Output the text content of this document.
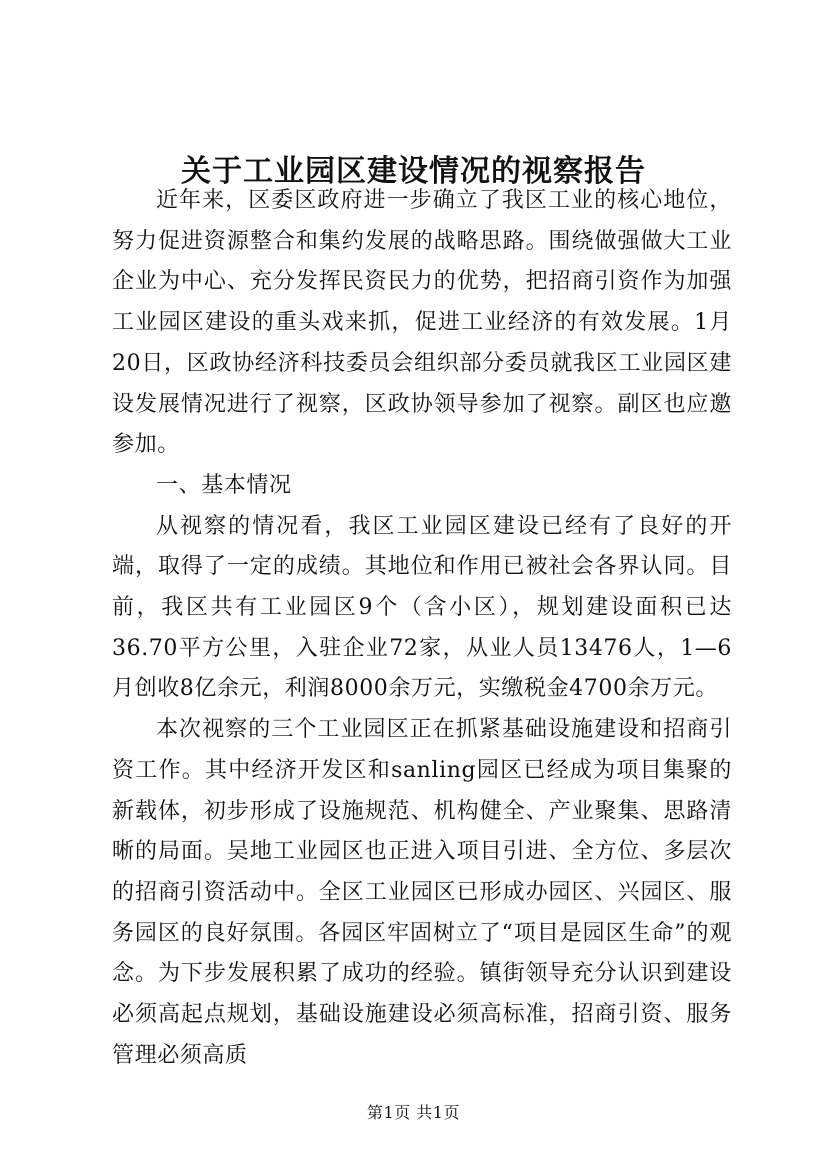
关于工业园区建设情况的视察报告

近年来，区委区政府进一步确立了我区工业的核心地位，努力促进资源整合和集约发展的战略思路。围绕做强做大工业企业为中心、充分发挥民资民力的优势，把招商引资作为加强工业园区建设的重头戏来抓，促进工业经济的有效发展。1月20日，区政协经济科技委员会组织部分委员就我区工业园区建设发展情况进行了视察，区政协领导参加了视察。副区也应邀参加。

一、基本情况

从视察的情况看，我区工业园区建设已经有了良好的开端，取得了一定的成绩。其地位和作用已被社会各界认同。目前，我区共有工业园区9个（含小区），规划建设面积已达36.70平方公里，入驻企业72家，从业人员13476人，1—6月创收8亿余元，利润8000余万元，实缴税金4700余万元。

本次视察的三个工业园区正在抓紧基础设施建设和招商引资工作。其中经济开发区和sanling园区已经成为项目集聚的新载体，初步形成了设施规范、机构健全、产业聚集、思路清晰的局面。吴地工业园区也正进入项目引进、全方位、多层次的招商引资活动中。全区工业园区已形成办园区、兴园区、服务园区的良好氛围。各园区牢固树立了“项目是园区生命”的观念。为下步发展积累了成功的经验。镇街领导充分认识到建设必须高起点规划，基础设施建设必须高标准，招商引资、服务管理必须高质

第1页 共1页
